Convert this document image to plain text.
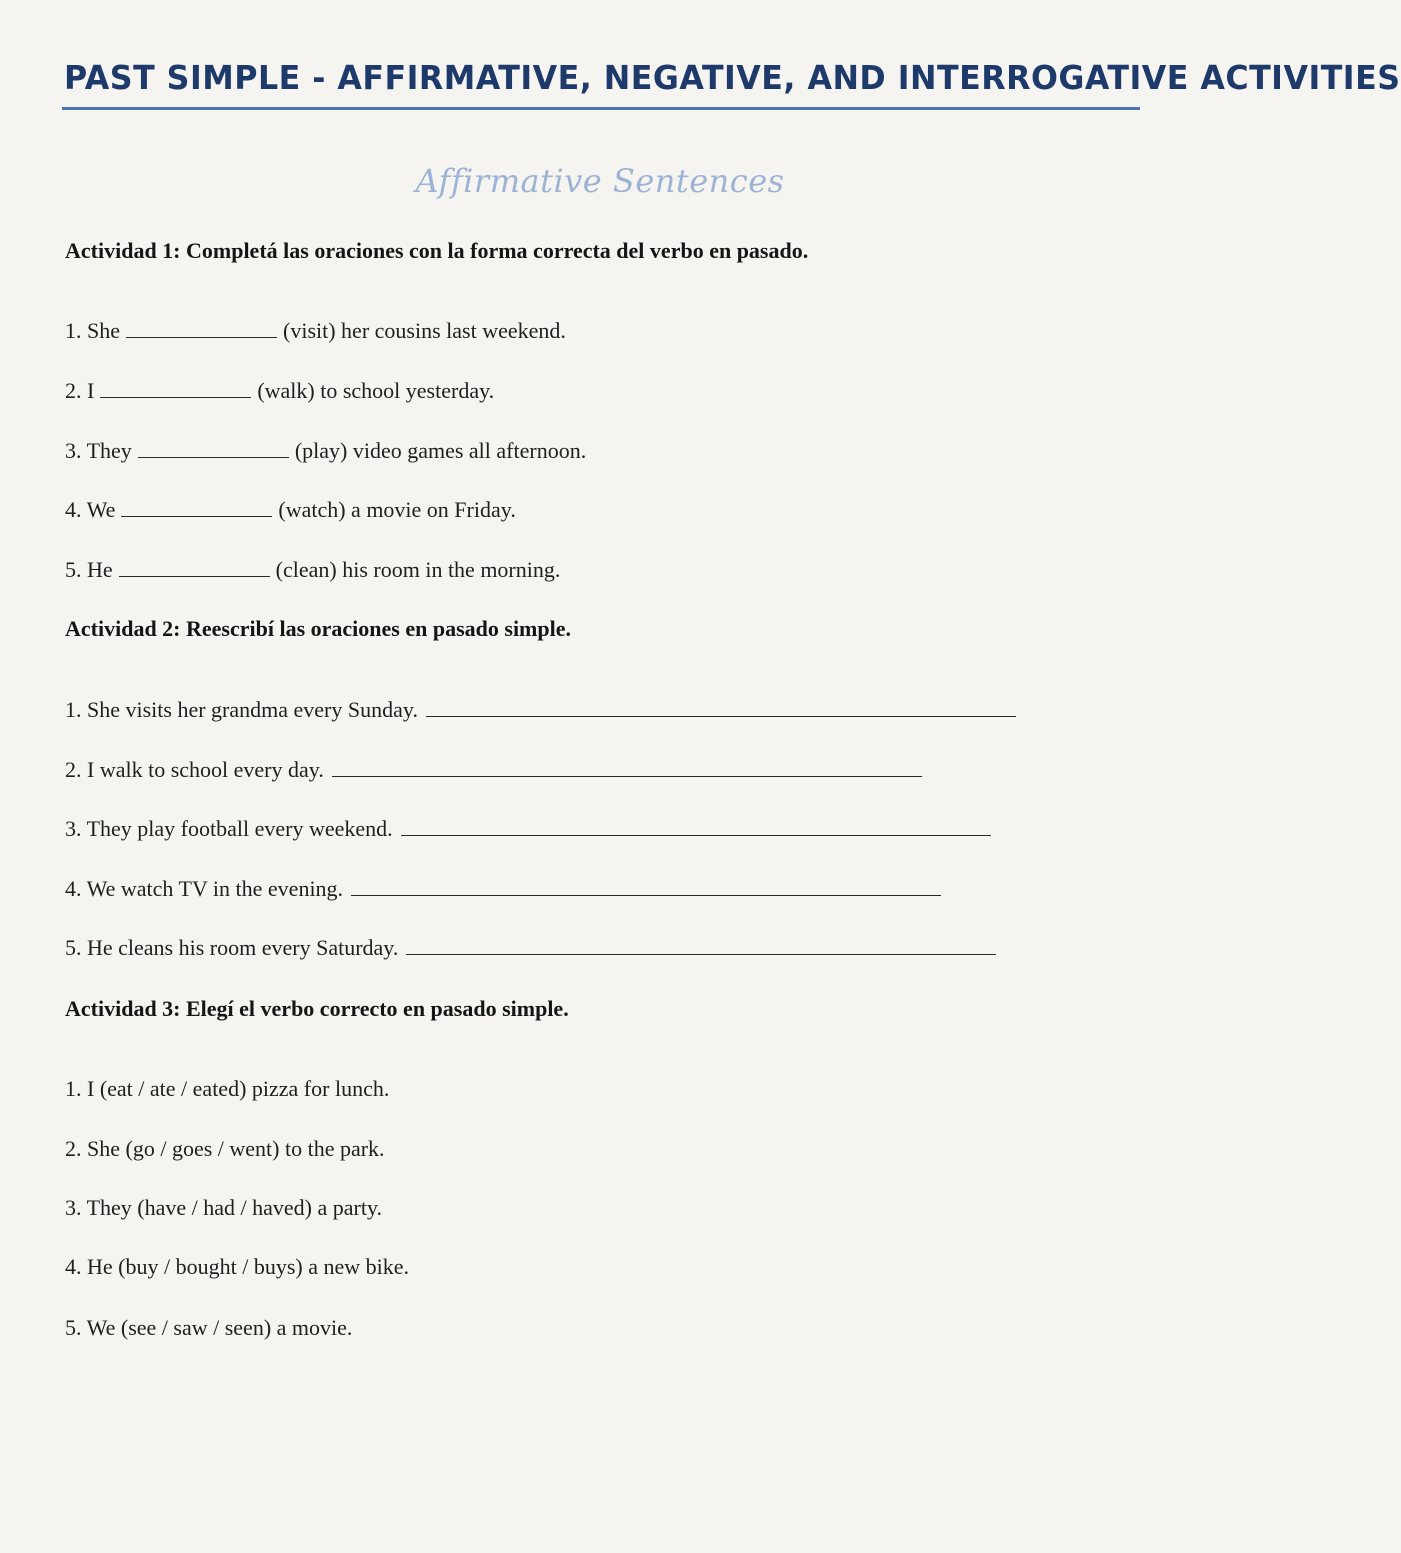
PAST SIMPLE - AFFIRMATIVE, NEGATIVE, AND INTERROGATIVE ACTIVITIES
Affirmative Sentences
Actividad 1: Completá las oraciones con la forma correcta del verbo en pasado.
1. She	(visit) her cousins last weekend.
2. I	(walk) to school yesterday.
3. They	(play) video games all afternoon.
4. We	(watch) a movie on Friday.
5. He	(clean) his room in the morning.
Actividad 2: Reescribí las oraciones en pasado simple.
1. She visits her grandma every Sunday.
2. I walk to school every day.
3. They play football every weekend.
4. We watch TV in the evening.
5. He cleans his room every Saturday.
Actividad 3: Elegí el verbo correcto en pasado simple.
1. I (eat / ate / eated) pizza for lunch.
2. She (go / goes / went) to the park.
3. They (have / had / haved) a party.
4. He (buy / bought / buys) a new bike.
5. We (see / saw / seen) a movie.
